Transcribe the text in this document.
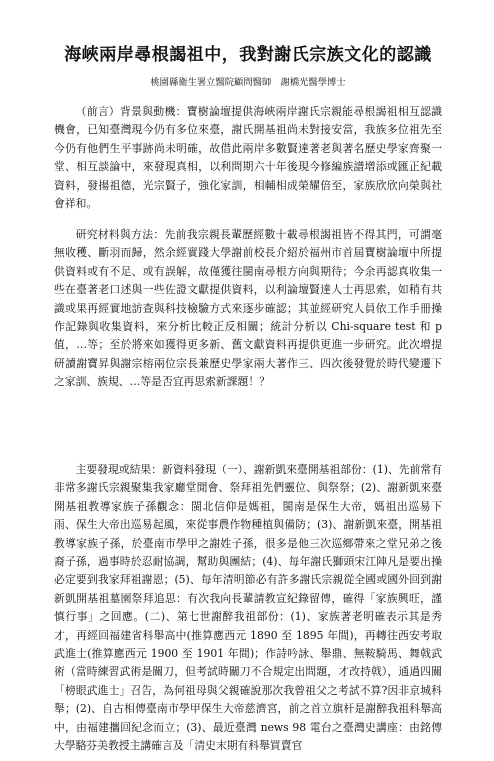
海峽兩岸尋根謁祖中，我對謝氏宗族文化的認識
桃園縣衛生署立醫院顧問醫師　謝橋光醫學博士

（前言）背景與動機：寶樹論壇提供海峽兩岸謝氏宗親能尋根謁祖相互認識機會，已知臺灣現今仍有多位來臺，謝氏開基祖尚未對接安當，我族多位祖先至今仍有他們生平事跡尚未明確，故借此兩岸多數賢達著老與著名歷史學家齊聚一堂、相互談論中，來發現真相，以利問期六十年後現今修編族譜增添或匯正紀載資料，發揚祖德，光宗賢子，強化家訓，相輔相成榮耀倍至，家族欣欣向榮與社會祥和。

研究材料與方法：先前我宗親長輩歷經數十載尋根謁祖皆不得其門，可謂毫無收穫、斷羽而歸，然余經實踐大學謝前校長介紹於福州市首屆寶樹論壇中所提供資料或有不足、或有誤解，故僅獲往閩南尋根方向與期待；今余再認真收集一些在臺著老口述與一些佐證文獻提供資料，以利論壇賢達人士再思索，如稍有共識或果再經實地訪查與科技檢驗方式來逐步確認；其並經研究人員依工作手冊操作記錄與收集資料，來分析比較正反相關；統計分析以 Chi-square test 和 p 值，…等；至於將來如獲得更多新、舊文獻資料再提供更進一步研究。此次增提研讀謝寶昇與謝宗榕兩位宗長兼歷史學家兩大著作三、四次後發覺於時代變遷下之家訓、族規、…等是否宜再思索新課題！？

主要發現或結果：新資料發現（一）、謝新凱來臺開基祖部份：(1)、先前常有非常多謝氏宗親聚集我家廳堂閒會、祭拜祖先們靈位、與祭祭；(2)、謝新凱來臺開基祖教導家族子孫觀念：閩北信仰是媽祖，閩南是保生大帝，媽祖出巡易下雨、保生大帝出巡易起風，來從事農作物種植與備防；(3)、謝新凱來臺，開基祖教導家族子孫，於臺南市學甲之謝姓子孫，很多是他三次巡鄉帶來之堂兄弟之後裔子孫，過事時於忍耐協調，幫助與團結；(4)、每年謝氏獅頭宋江陣凡是要出操必定要到我家拜祖謝恩；(5)、每年清明節必有許多謝氏宗親從全國或國外回到謝新凱開基祖墓園祭拜追思：有次我向長輩請教宣紀錄留傳，確得「家族興旺，謹慎行事」之回應。(二)、第七世謝醉我祖部份：(1)、家族著老明確表示其是秀才，再經回福建省科舉高中(推算應西元 1890 至 1895 年間)，再轉往西安考取武進士(推算應西元 1900 至 1901 年間)；作詩吟詠、舉鼎、無鞍騎馬、舞戟武術（當時練習武術是關刀，但考試時關刀不合規定出問題，才改持戟），通過四關「榜眼武進士」召告，為何祖母與父親確說那次我曾祖父之考試不算?因非京城科舉；(2)、自古相傳臺南市學甲保生大帝慈濟宮，前之首立旗杆是謝醉我祖科舉高中，由福建攜回紀念而立；(3)、最近臺灣 news 98 電台之臺灣史講座：由銘傳大學駱芬美教授主講確言及「清史末期有科舉買賣官
